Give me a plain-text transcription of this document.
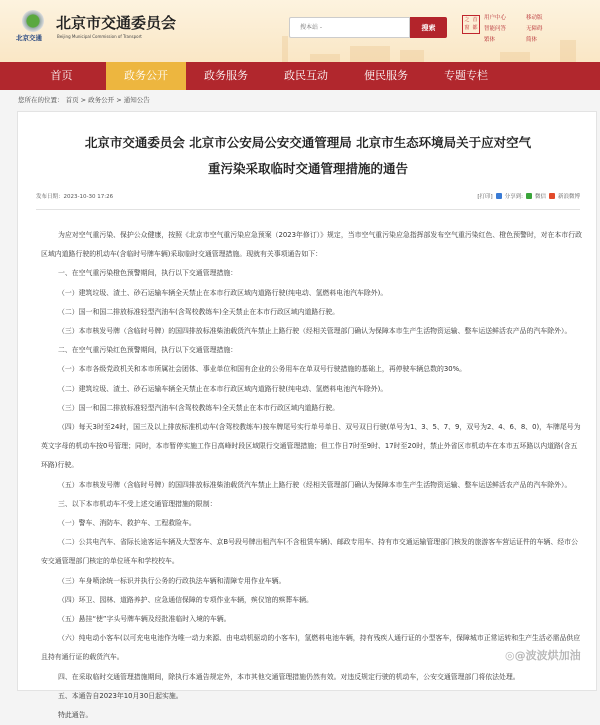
北京交通
北京市交通委员会
Beijing Municipal Commission of Transport
搜本站 -
搜索
之 首
窗 都
用户中心	移动版
智能问答	无障碍
繁体	简体
首页	政务公开	政务服务	政民互动	便民服务	专题专栏
您所在的位置： 首页 > 政务公开 > 通知公告
北京市交通委员会 北京市公安局公安交通管理局 北京市生态环境局关于应对空气
重污染采取临时交通管理措施的通告
发布日期：2023-10-30 17:26	[打印] 分享到: 微信 新浪微博

为应对空气重污染、保护公众健康，按照《北京市空气重污染应急预案（2023年修订）》规定，当市空气重污染应急指挥部发布空气重污染红色、橙色预警时，对在本市行政区域内道路行驶的机动车(含临时号牌车辆)采取临时交通管理措施。现就有关事项通告如下：

一、在空气重污染橙色预警期间，执行以下交通管理措施：

（一）建筑垃圾、渣土、砂石运输车辆全天禁止在本市行政区域内道路行驶(纯电动、氢燃料电池汽车除外)。

（二）国一和国二排放标准轻型汽油车(含驾校教练车)全天禁止在本市行政区域内道路行驶。

（三）本市核发号牌（含临时号牌）的国四排放标准柴油载货汽车禁止上路行驶（经相关管理部门确认为保障本市生产生活物资运输、整车运送鲜活农产品的汽车除外）。

二、在空气重污染红色预警期间，执行以下交通管理措施：

（一）本市各级党政机关和本市所属社会团体、事业单位和国有企业的公务用车在单双号行驶措施的基础上，再停驶车辆总数的30%。

（二）建筑垃圾、渣土、砂石运输车辆全天禁止在本市行政区域内道路行驶(纯电动、氢燃料电池汽车除外)。

（三）国一和国二排放标准轻型汽油车(含驾校教练车)全天禁止在本市行政区域内道路行驶。

（四）每天3时至24时，国三及以上排放标准机动车(含驾校教练车)按车牌尾号实行单号单日、双号双日行驶(单号为1、3、5、7、9，双号为2、4、6、8、0)，车牌尾号为英文字母的机动车按0号管理；同时，本市暂停实施工作日高峰时段区域限行交通管理措施；但工作日7时至9时、17时至20时，禁止外省区市机动车在本市五环路以内道路(含五环路)行驶。

（五）本市核发号牌（含临时号牌）的国四排放标准柴油载货汽车禁止上路行驶（经相关管理部门确认为保障本市生产生活物资运输、整车运送鲜活农产品的汽车除外）。

三、以下本市机动车不受上述交通管理措施的限制：

（一）警车、消防车、救护车、工程救险车。

（二）公共电汽车、省际长途客运车辆及大型客车、京B号段号牌出租汽车(不含租赁车辆)、邮政专用车、持有市交通运输管理部门核发的旅游客车营运证件的车辆、经市公安交通管理部门核定的单位班车和学校校车。

（三）车身喷涂统一标识并执行公务的行政执法车辆和清障专用作业车辆。

（四）环卫、园林、道路养护、应急通信保障的专项作业车辆，殡仪馆的殡葬车辆。

（五）悬挂“使”字头号牌车辆及经批准临时入境的车辆。

（六）纯电动小客车(以可充电电池作为唯一动力来源、由电动机驱动的小客车)，氢燃料电池车辆，持有残疾人通行证的小型客车，保障城市正常运转和生产生活必需品供应且持有通行证的载货汽车。

四、在采取临时交通管理措施期间，除执行本通告规定外，本市其他交通管理措施仍然有效。对违反规定行驶的机动车，公安交通管理部门将依法处理。

五、本通告自2023年10月30日起实施。

特此通告。

◎@波波烘加油
